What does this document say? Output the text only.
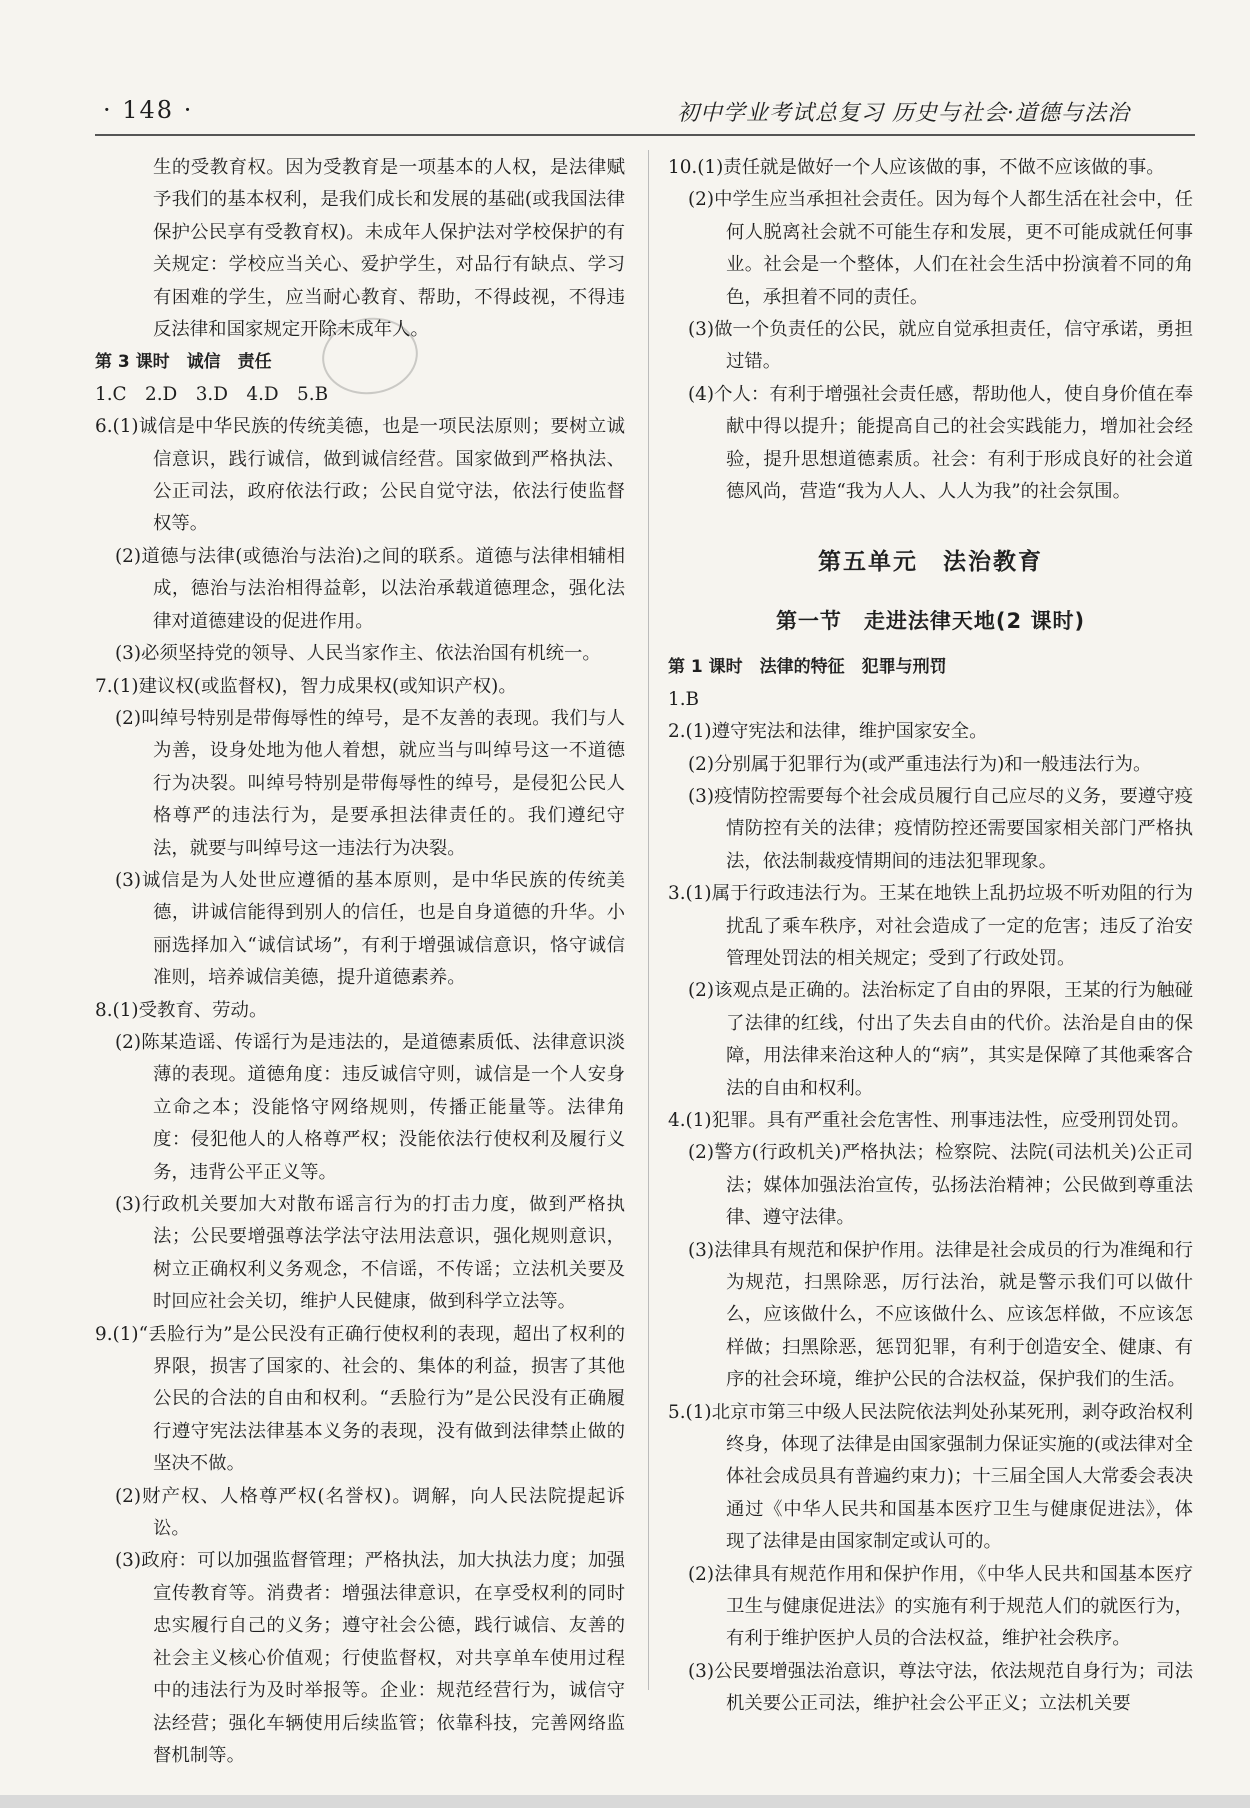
· 148 ·	初中学业考试总复习 历史与社会·道德与法治

生的受教育权。因为受教育是一项基本的人权，是法律赋予我们的基本权利，是我们成长和发展的基础(或我国法律保护公民享有受教育权)。未成年人保护法对学校保护的有关规定：学校应当关心、爱护学生，对品行有缺点、学习有困难的学生，应当耐心教育、帮助，不得歧视，不得违反法律和国家规定开除未成年人。

第 3 课时　诚信　责任

1.C　2.D　3.D　4.D　5.B

6.(1)诚信是中华民族的传统美德，也是一项民法原则；要树立诚信意识，践行诚信，做到诚信经营。国家做到严格执法、公正司法，政府依法行政；公民自觉守法，依法行使监督权等。

(2)道德与法律(或德治与法治)之间的联系。道德与法律相辅相成，德治与法治相得益彰，以法治承载道德理念，强化法律对道德建设的促进作用。

(3)必须坚持党的领导、人民当家作主、依法治国有机统一。

7.(1)建议权(或监督权)，智力成果权(或知识产权)。

(2)叫绰号特别是带侮辱性的绰号，是不友善的表现。我们与人为善，设身处地为他人着想，就应当与叫绰号这一不道德行为决裂。叫绰号特别是带侮辱性的绰号，是侵犯公民人格尊严的违法行为，是要承担法律责任的。我们遵纪守法，就要与叫绰号这一违法行为决裂。

(3)诚信是为人处世应遵循的基本原则，是中华民族的传统美德，讲诚信能得到别人的信任，也是自身道德的升华。小丽选择加入“诚信试场”，有利于增强诚信意识，恪守诚信准则，培养诚信美德，提升道德素养。

8.(1)受教育、劳动。

(2)陈某造谣、传谣行为是违法的，是道德素质低、法律意识淡薄的表现。道德角度：违反诚信守则，诚信是一个人安身立命之本；没能恪守网络规则，传播正能量等。法律角度：侵犯他人的人格尊严权；没能依法行使权利及履行义务，违背公平正义等。

(3)行政机关要加大对散布谣言行为的打击力度，做到严格执法；公民要增强尊法学法守法用法意识，强化规则意识，树立正确权利义务观念，不信谣，不传谣；立法机关要及时回应社会关切，维护人民健康，做到科学立法等。

9.(1)“丢脸行为”是公民没有正确行使权利的表现，超出了权利的界限，损害了国家的、社会的、集体的利益，损害了其他公民的合法的自由和权利。“丢脸行为”是公民没有正确履行遵守宪法法律基本义务的表现，没有做到法律禁止做的坚决不做。

(2)财产权、人格尊严权(名誉权)。调解，向人民法院提起诉讼。

(3)政府：可以加强监督管理；严格执法，加大执法力度；加强宣传教育等。消费者：增强法律意识，在享受权利的同时忠实履行自己的义务；遵守社会公德，践行诚信、友善的社会主义核心价值观；行使监督权，对共享单车使用过程中的违法行为及时举报等。企业：规范经营行为，诚信守法经营；强化车辆使用后续监管；依靠科技，完善网络监督机制等。

10.(1)责任就是做好一个人应该做的事，不做不应该做的事。

(2)中学生应当承担社会责任。因为每个人都生活在社会中，任何人脱离社会就不可能生存和发展，更不可能成就任何事业。社会是一个整体，人们在社会生活中扮演着不同的角色，承担着不同的责任。

(3)做一个负责任的公民，就应自觉承担责任，信守承诺，勇担过错。

(4)个人：有利于增强社会责任感，帮助他人，使自身价值在奉献中得以提升；能提高自己的社会实践能力，增加社会经验，提升思想道德素质。社会：有利于形成良好的社会道德风尚，营造“我为人人、人人为我”的社会氛围。

第五单元　法治教育

第一节　走进法律天地(2 课时)

第 1 课时　法律的特征　犯罪与刑罚

1.B

2.(1)遵守宪法和法律，维护国家安全。

(2)分别属于犯罪行为(或严重违法行为)和一般违法行为。

(3)疫情防控需要每个社会成员履行自己应尽的义务，要遵守疫情防控有关的法律；疫情防控还需要国家相关部门严格执法，依法制裁疫情期间的违法犯罪现象。

3.(1)属于行政违法行为。王某在地铁上乱扔垃圾不听劝阻的行为扰乱了乘车秩序，对社会造成了一定的危害；违反了治安管理处罚法的相关规定；受到了行政处罚。

(2)该观点是正确的。法治标定了自由的界限，王某的行为触碰了法律的红线，付出了失去自由的代价。法治是自由的保障，用法律来治这种人的“病”，其实是保障了其他乘客合法的自由和权利。

4.(1)犯罪。具有严重社会危害性、刑事违法性，应受刑罚处罚。

(2)警方(行政机关)严格执法；检察院、法院(司法机关)公正司法；媒体加强法治宣传，弘扬法治精神；公民做到尊重法律、遵守法律。

(3)法律具有规范和保护作用。法律是社会成员的行为准绳和行为规范，扫黑除恶，厉行法治，就是警示我们可以做什么，应该做什么，不应该做什么、应该怎样做，不应该怎样做；扫黑除恶，惩罚犯罪，有利于创造安全、健康、有序的社会环境，维护公民的合法权益，保护我们的生活。

5.(1)北京市第三中级人民法院依法判处孙某死刑，剥夺政治权利终身，体现了法律是由国家强制力保证实施的(或法律对全体社会成员具有普遍约束力)；十三届全国人大常委会表决通过《中华人民共和国基本医疗卫生与健康促进法》，体现了法律是由国家制定或认可的。

(2)法律具有规范作用和保护作用，《中华人民共和国基本医疗卫生与健康促进法》的实施有利于规范人们的就医行为，有利于维护医护人员的合法权益，维护社会秩序。

(3)公民要增强法治意识，尊法守法，依法规范自身行为；司法机关要公正司法，维护社会公平正义；立法机关要
